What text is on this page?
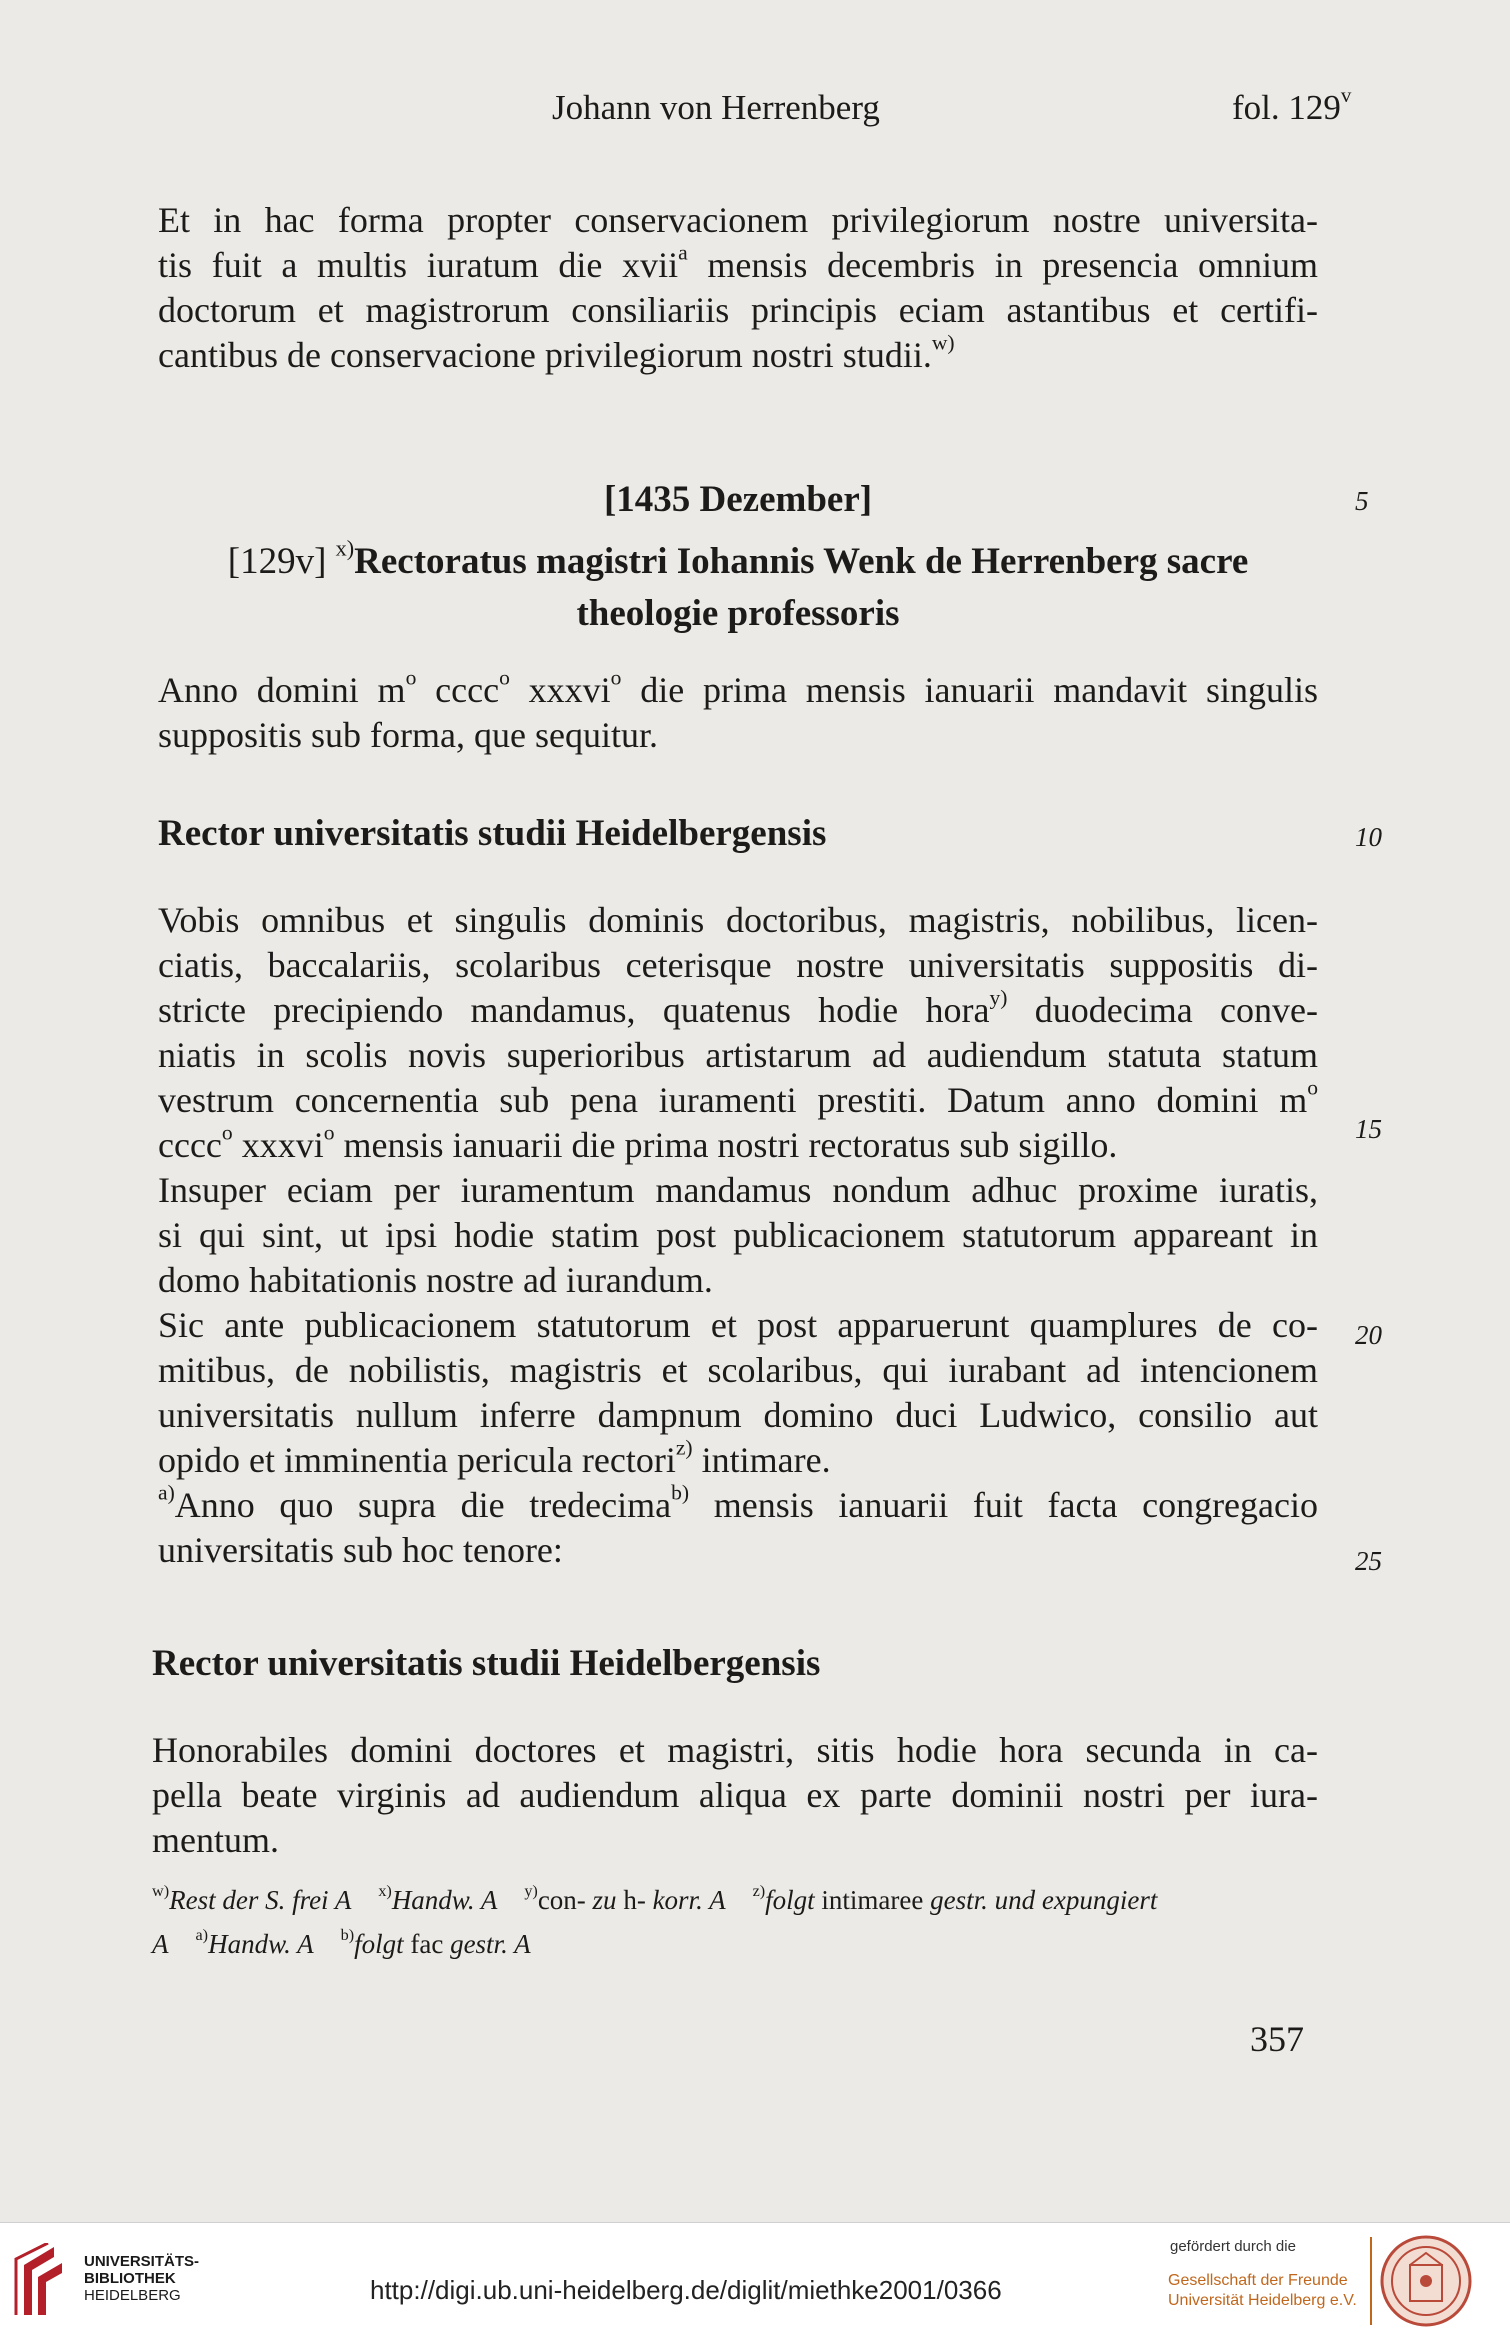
Johann von Herrenberg	fol. 129$^v$
Et in hac forma propter conservacionem privilegiorum nostre universita-
tis fuit a multis iuratum die xvii$^a$ mensis decembris in presencia omnium
doctorum et magistrorum consiliariis principis eciam astantibus et certifi-
cantibus de conservacione privilegiorum nostri studii.$^{w)}$
[1435 Dezember]	5
[129v] $^{x)}$Rectoratus magistri Iohannis Wenk de Herrenberg sacre
theologie professoris
Anno domini $m^o$ cccc$^o$ xxxvi$^o$ die prima mensis ianuarii mandavit singulis
suppositis sub forma, que sequitur.
Rector universitatis studii Heidelbergensis	10
Vobis omnibus et singulis dominis doctoribus, magistris, nobilibus, licen-
ciatis, baccalariis, scolaribus ceterisque nostre universitatis suppositis di-
stricte precipiendo mandamus, quatenus hodie hora$^{y)}$ duodecima conve-
niatis in scolis novis superioribus artistarum ad audiendum statuta statum
vestrum concernentia sub pena iuramenti prestiti. Datum anno domini $m^o$
cccc$^o$ xxxvi$^o$ mensis ianuarii die prima nostri rectoratus sub sigillo.	15
Insuper eciam per iuramentum mandamus nondum adhuc proxime iuratis,
si qui sint, ut ipsi hodie statim post publicacionem statutorum appareant in
domo habitationis nostre ad iurandum.
Sic ante publicacionem statutorum et post apparuerunt quamplures de co-
mitibus, de nobilistis, magistris et scolaribus, qui iurabant ad intencionem
universitatis nullum inferre dampnum domino duci Ludwico, consilio aut
opido et imminentia pericula rectori$^{z)}$ intimare.
20
$^{a)}$Anno quo supra die tredecima$^{b)}$ mensis ianuarii fuit facta congregacio
universitatis sub hoc tenore:	25
Rector universitatis studii Heidelbergensis
Honorabiles domini doctores et magistri, sitis hodie hora secunda in ca-
pella beate virginis ad audiendum aliqua ex parte dominii nostri per iura-
mentum.
$^{w)}$Rest der S. frei A $^{x)}$Handw. A $^{y)}$con- zu h- korr. A $^{z)}$folgt intimaree gestr. und expungiert
A $^{a)}$Handw. A $^{b)}$folgt fac gestr. A
357
UNIVERSITÄTS-
BIBLIOTHEK
HEIDELBERG	http://digi.ub.uni-heidelberg.de/diglit/miethke2001/0366
gefördert durch die
Gesellschaft der Freunde
Universität Heidelberg e.V.
